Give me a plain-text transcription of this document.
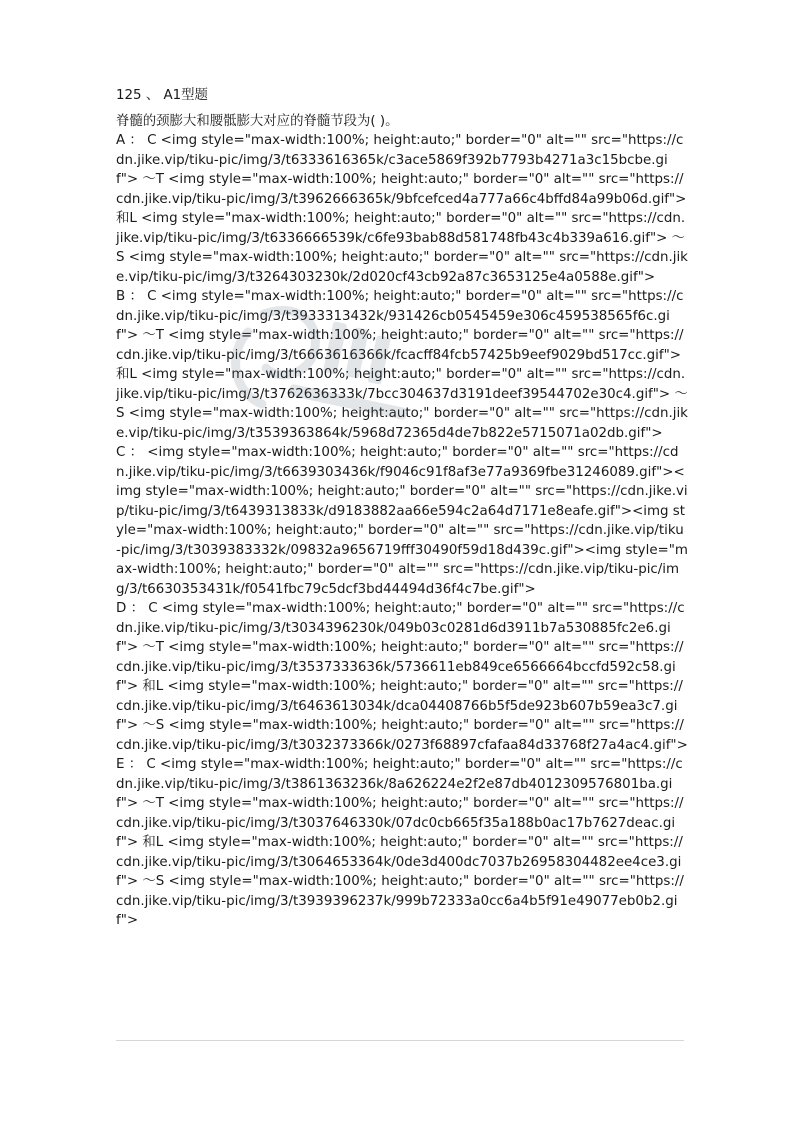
125 、 A1型题
脊髓的颈膨大和腰骶膨大对应的脊髓节段为( )。
A ： C <img style="max-width:100%; height:auto;" border="0" alt="" src="https://cdn.jike.vip/tiku-pic/img/3/t6333616365k/c3ace5869f392b7793b4271a3c15bcbe.gif"> ～T <img style="max-width:100%; height:auto;" border="0" alt="" src="https://cdn.jike.vip/tiku-pic/img/3/t3962666365k/9bfcefced4a777a66c4bffd84a99b06d.gif"> 和L <img style="max-width:100%; height:auto;" border="0" alt="" src="https://cdn.jike.vip/tiku-pic/img/3/t6336666539k/c6fe93bab88d581748fb43c4b339a616.gif"> ～S <img style="max-width:100%; height:auto;" border="0" alt="" src="https://cdn.jike.vip/tiku-pic/img/3/t3264303230k/2d020cf43cb92a87c3653125e4a0588e.gif">
B ： C <img style="max-width:100%; height:auto;" border="0" alt="" src="https://cdn.jike.vip/tiku-pic/img/3/t3933313432k/931426cb0545459e306c459538565f6c.gif"> ～T <img style="max-width:100%; height:auto;" border="0" alt="" src="https://cdn.jike.vip/tiku-pic/img/3/t6663616366k/fcacff84fcb57425b9eef9029bd517cc.gif"> 和L <img style="max-width:100%; height:auto;" border="0" alt="" src="https://cdn.jike.vip/tiku-pic/img/3/t3762636333k/7bcc304637d3191deef39544702e30c4.gif"> ～S <img style="max-width:100%; height:auto;" border="0" alt="" src="https://cdn.jike.vip/tiku-pic/img/3/t3539363864k/5968d72365d4de7b822e5715071a02db.gif">
C ： <img style="max-width:100%; height:auto;" border="0" alt="" src="https://cdn.jike.vip/tiku-pic/img/3/t6639303436k/f9046c91f8af3e77a9369fbe31246089.gif"><img style="max-width:100%; height:auto;" border="0" alt="" src="https://cdn.jike.vip/tiku-pic/img/3/t6439313833k/d9183882aa66e594c2a64d7171e8eafe.gif"><img style="max-width:100%; height:auto;" border="0" alt="" src="https://cdn.jike.vip/tiku-pic/img/3/t3039383332k/09832a9656719fff30490f59d18d439c.gif"><img style="max-width:100%; height:auto;" border="0" alt="" src="https://cdn.jike.vip/tiku-pic/img/3/t6630353431k/f0541fbc79c5dcf3bd44494d36f4c7be.gif">
D ： C <img style="max-width:100%; height:auto;" border="0" alt="" src="https://cdn.jike.vip/tiku-pic/img/3/t3034396230k/049b03c0281d6d3911b7a530885fc2e6.gif"> ～T <img style="max-width:100%; height:auto;" border="0" alt="" src="https://cdn.jike.vip/tiku-pic/img/3/t3537333636k/5736611eb849ce6566664bccfd592c58.gif"> 和L <img style="max-width:100%; height:auto;" border="0" alt="" src="https://cdn.jike.vip/tiku-pic/img/3/t6463613034k/dca04408766b5f5de923b607b59ea3c7.gif"> ～S <img style="max-width:100%; height:auto;" border="0" alt="" src="https://cdn.jike.vip/tiku-pic/img/3/t3032373366k/0273f68897cfafaa84d33768f27a4ac4.gif">
E ： C <img style="max-width:100%; height:auto;" border="0" alt="" src="https://cdn.jike.vip/tiku-pic/img/3/t3861363236k/8a626224e2f2e87db4012309576801ba.gif"> ～T <img style="max-width:100%; height:auto;" border="0" alt="" src="https://cdn.jike.vip/tiku-pic/img/3/t3037646330k/07dc0cb665f35a188b0ac17b7627deac.gif"> 和L <img style="max-width:100%; height:auto;" border="0" alt="" src="https://cdn.jike.vip/tiku-pic/img/3/t3064653364k/0de3d400dc7037b26958304482ee4ce3.gif"> ～S <img style="max-width:100%; height:auto;" border="0" alt="" src="https://cdn.jike.vip/tiku-pic/img/3/t3939396237k/999b72333a0cc6a4b5f91e49077eb0b2.gif">
